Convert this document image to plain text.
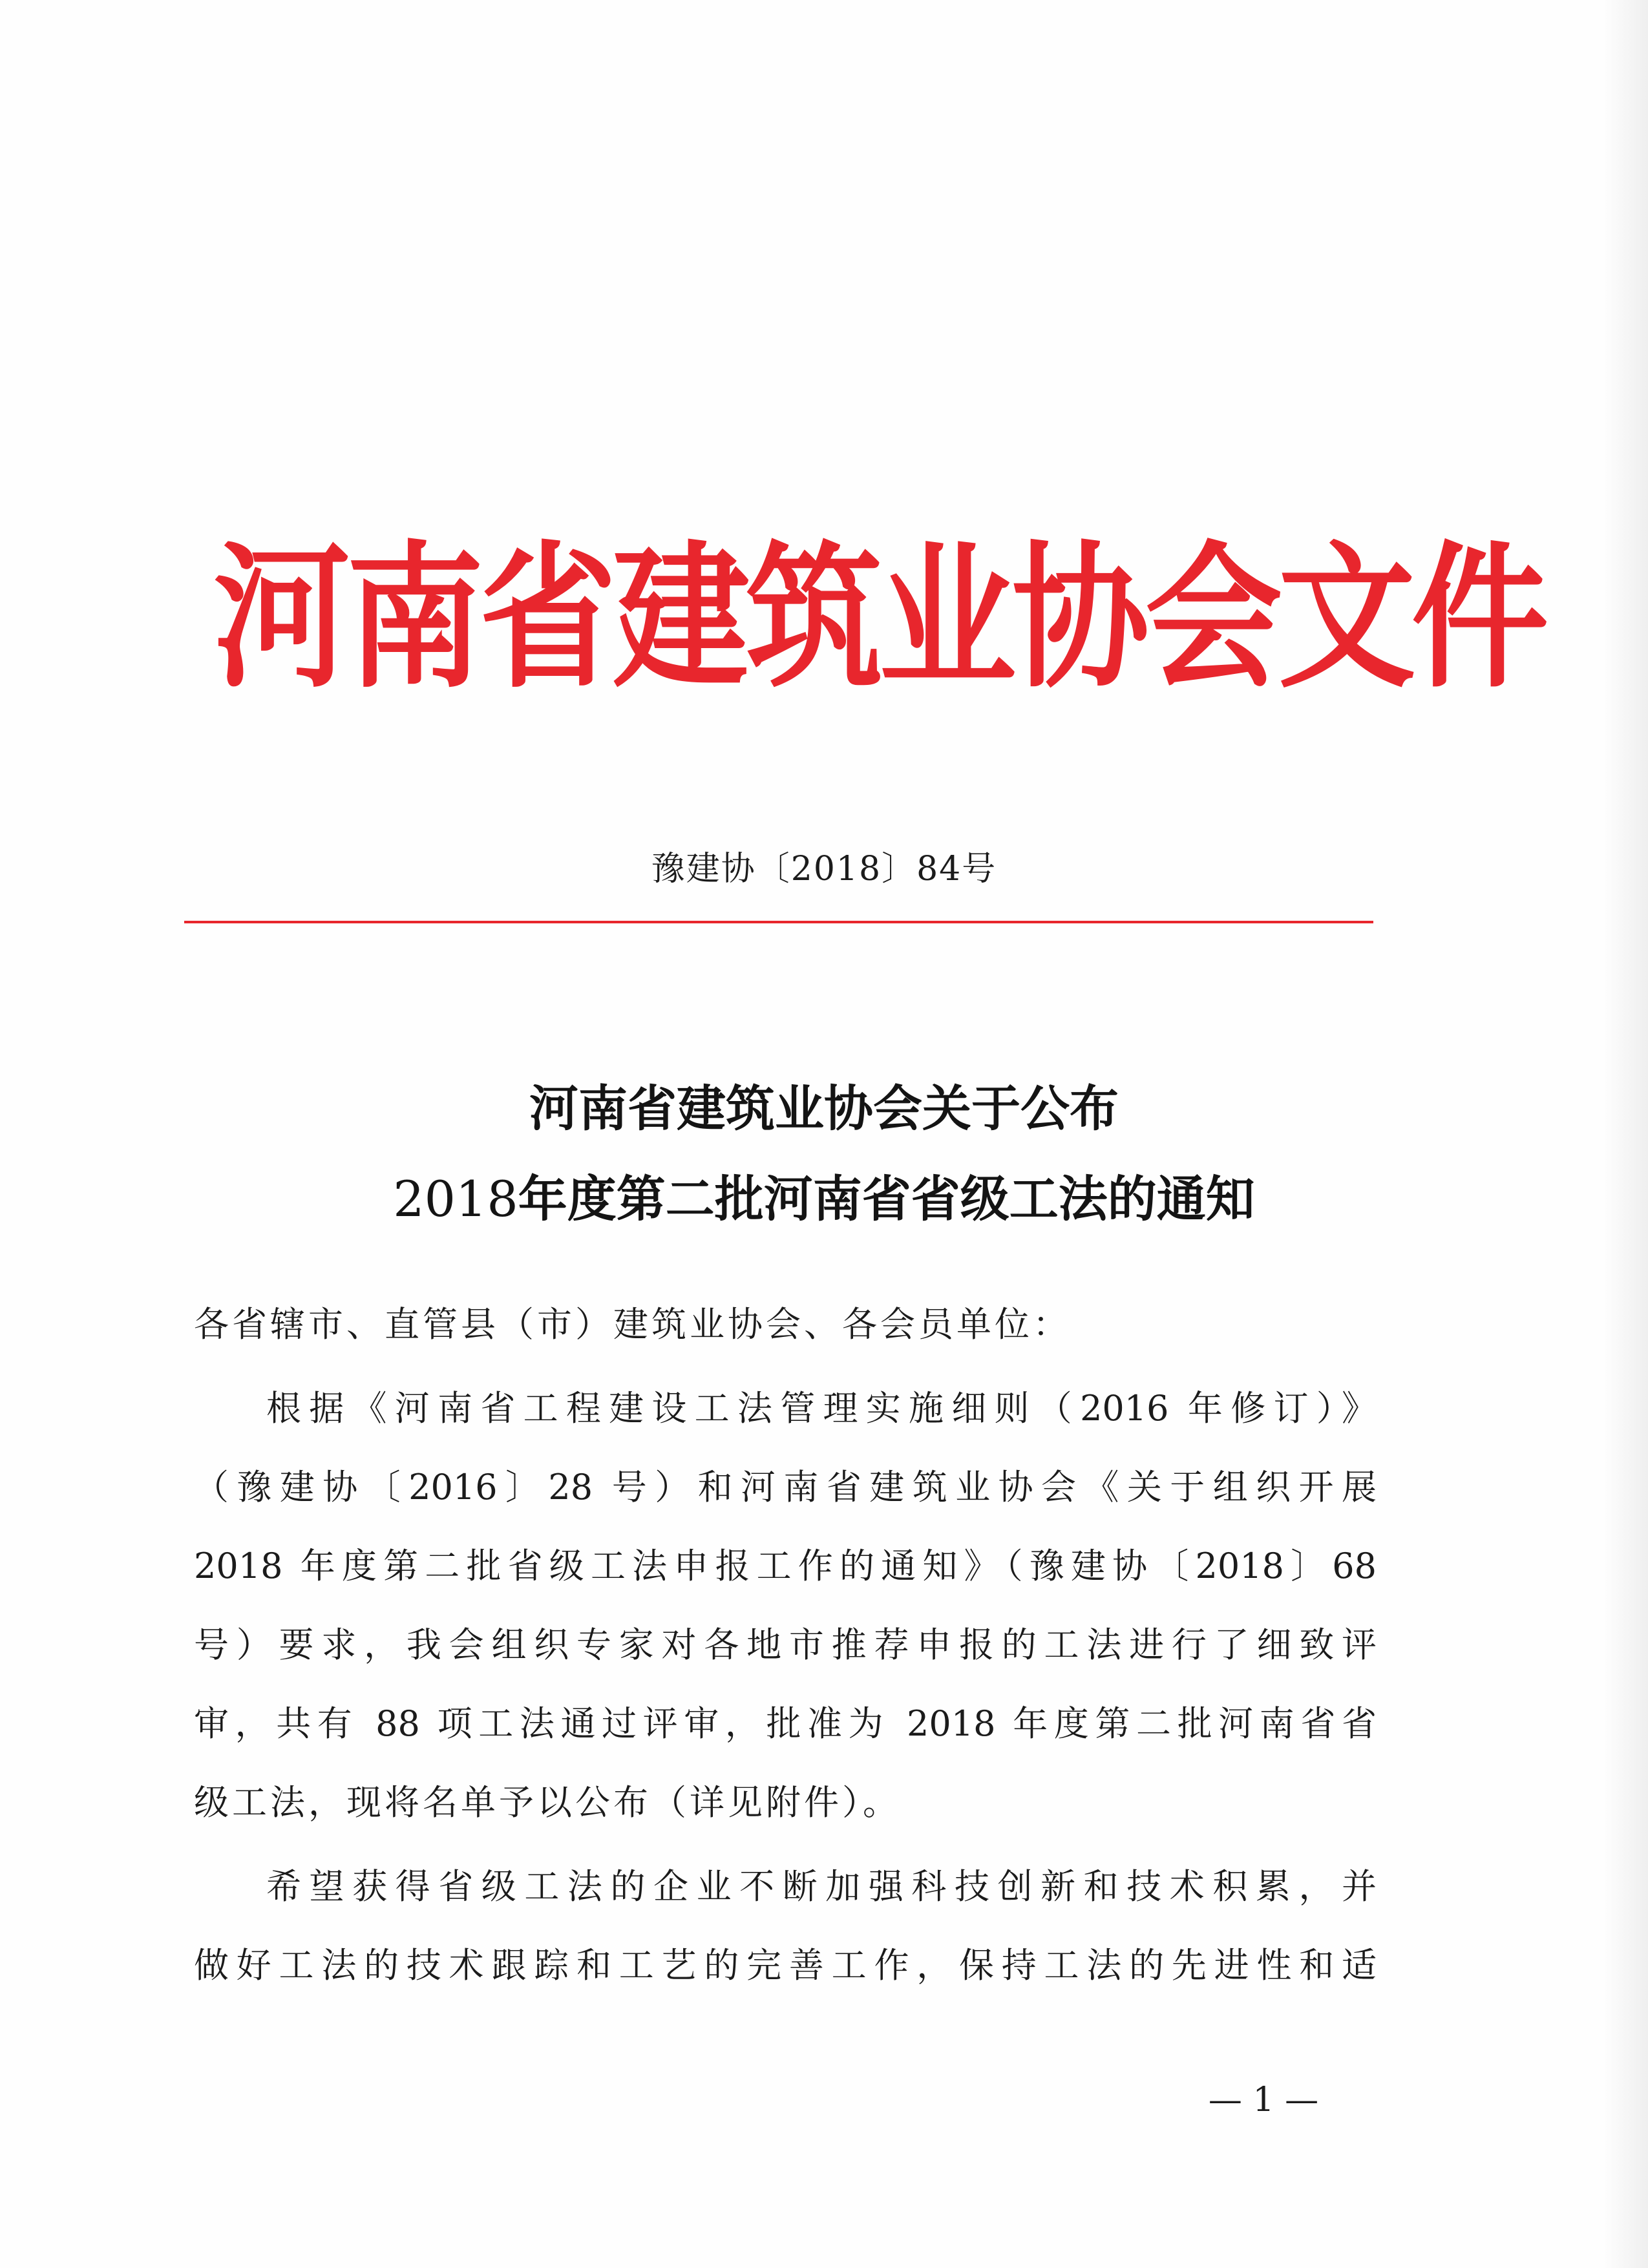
河南省建筑业协会文件
豫建协〔2018〕84号
河南省建筑业协会关于公布
2018年度第二批河南省省级工法的通知
各省辖市、直管县（市）建筑业协会、各会员单位：
根据《河南省工程建设工法管理实施细则（2016 年修订）》
（豫建协〔2016〕28 号）和河南省建筑业协会《关于组织开展
2018 年度第二批省级工法申报工作的通知》（豫建协〔2018〕68
号）要求，我会组织专家对各地市推荐申报的工法进行了细致评
审，共有 88 项工法通过评审，批准为 2018 年度第二批河南省省
级工法，现将名单予以公布（详见附件）。
希望获得省级工法的企业不断加强科技创新和技术积累，并
做好工法的技术跟踪和工艺的完善工作，保持工法的先进性和适
— 1 —
